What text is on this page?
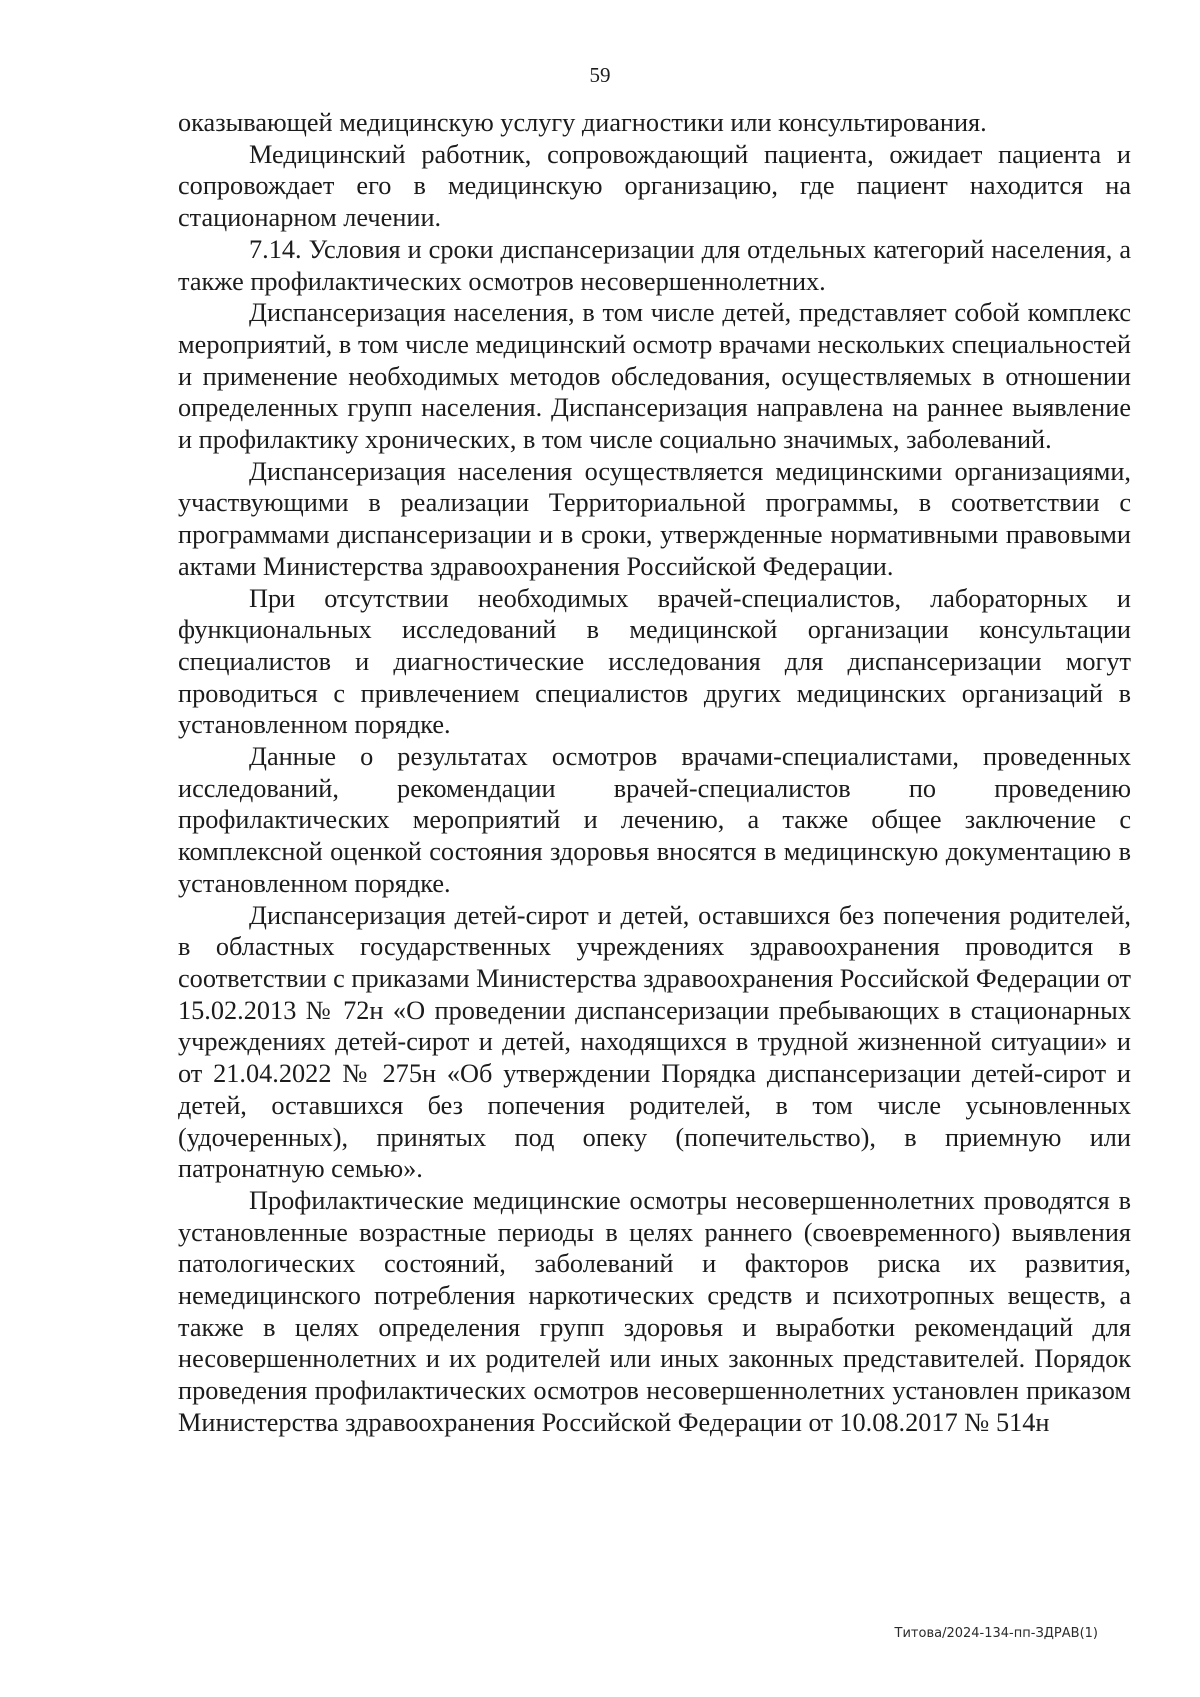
59

оказывающей медицинскую услугу диагностики или консультирования.

Медицинский работник, сопровождающий пациента, ожидает пациента и сопровождает его в медицинскую организацию, где пациент находится на стационарном лечении.

7.14. Условия и сроки диспансеризации для отдельных категорий населения, а также профилактических осмотров несовершеннолетних.

Диспансеризация населения, в том числе детей, представляет собой комплекс мероприятий, в том числе медицинский осмотр врачами нескольких специальностей и применение необходимых методов обследования, осуществляемых в отношении определенных групп населения. Диспансеризация направлена на раннее выявление и профилактику хронических, в том числе социально значимых, заболеваний.

Диспансеризация населения осуществляется медицинскими организациями, участвующими в реализации Территориальной программы, в соответствии с программами диспансеризации и в сроки, утвержденные нормативными правовыми актами Министерства здравоохранения Российской Федерации.

При отсутствии необходимых врачей-специалистов, лабораторных и функциональных исследований в медицинской организации консультации специалистов и диагностические исследования для диспансеризации могут проводиться с привлечением специалистов других медицинских организаций в установленном порядке.

Данные о результатах осмотров врачами-специалистами, проведенных исследований, рекомендации врачей-специалистов по проведению профилактических мероприятий и лечению, а также общее заключение с комплексной оценкой состояния здоровья вносятся в медицинскую документацию в установленном порядке.

Диспансеризация детей-сирот и детей, оставшихся без попечения родителей, в областных государственных учреждениях здравоохранения проводится в соответствии с приказами Министерства здравоохранения Российской Федерации от 15.02.2013 № 72н «О проведении диспансеризации пребывающих в стационарных учреждениях детей-сирот и детей, находящихся в трудной жизненной ситуации» и от 21.04.2022 № 275н «Об утверждении Порядка диспансеризации детей-сирот и детей, оставшихся без попечения родителей, в том числе усыновленных (удочеренных), принятых под опеку (попечительство), в приемную или патронатную семью».

Профилактические медицинские осмотры несовершеннолетних проводятся в установленные возрастные периоды в целях раннего (своевременного) выявления патологических состояний, заболеваний и факторов риска их развития, немедицинского потребления наркотических средств и психотропных веществ, а также в целях определения групп здоровья и выработки рекомендаций для несовершеннолетних и их родителей или иных законных представителей. Порядок проведения профилактических осмотров несовершеннолетних установлен приказом Министерства здравоохранения Российской Федерации от 10.08.2017 № 514н

Титова/2024-134-пп-ЗДРАВ(1)
